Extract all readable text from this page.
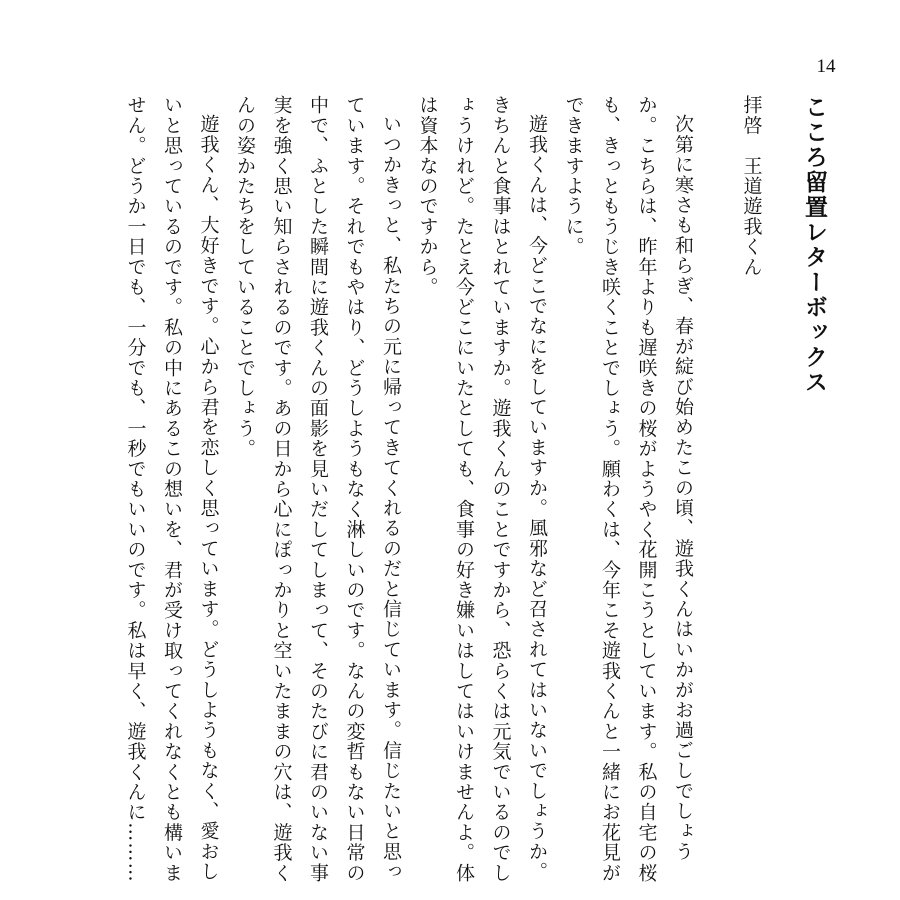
14
こころ留置レターボックス
拝啓　王道遊我くん
次第に寒さも和らぎ、春が綻び始めたこの頃、遊我くんはいかがお過ごしでしょうか。こちらは、昨年よりも遅咲きの桜がようやく花開こうとしています。私の自宅の桜も、きっともうじき咲くことでしょう。願わくは、今年こそ遊我くんと一緒にお花見ができますように。
遊我くんは、今どこでなにをしていますか。風邪など召されてはいないでしょうか。きちんと食事はとれていますか。遊我くんのことですから、恐らくは元気でいるのでしょうけれど。たとえ今どこにいたとしても、食事の好き嫌いはしてはいけませんよ。体は資本なのですから。
いつかきっと、私たちの元に帰ってきてくれるのだと信じています。信じたいと思っています。それでもやはり、どうしようもなく淋しいのです。なんの変哲もない日常の中で、ふとした瞬間に遊我くんの面影を見いだしてしまって、そのたびに君のいない事実を強く思い知らされるのです。あの日から心にぽっかりと空いたままの穴は、遊我くんの姿かたちをしていることでしょう。
遊我くん、大好きです。心から君を恋しく思っています。どうしようもなく、愛おしいと思っているのです。私の中にあるこの想いを、君が受け取ってくれなくとも構いません。どうか一日でも、一分でも、一秒でもいいのです。私は早く、遊我くんに………
